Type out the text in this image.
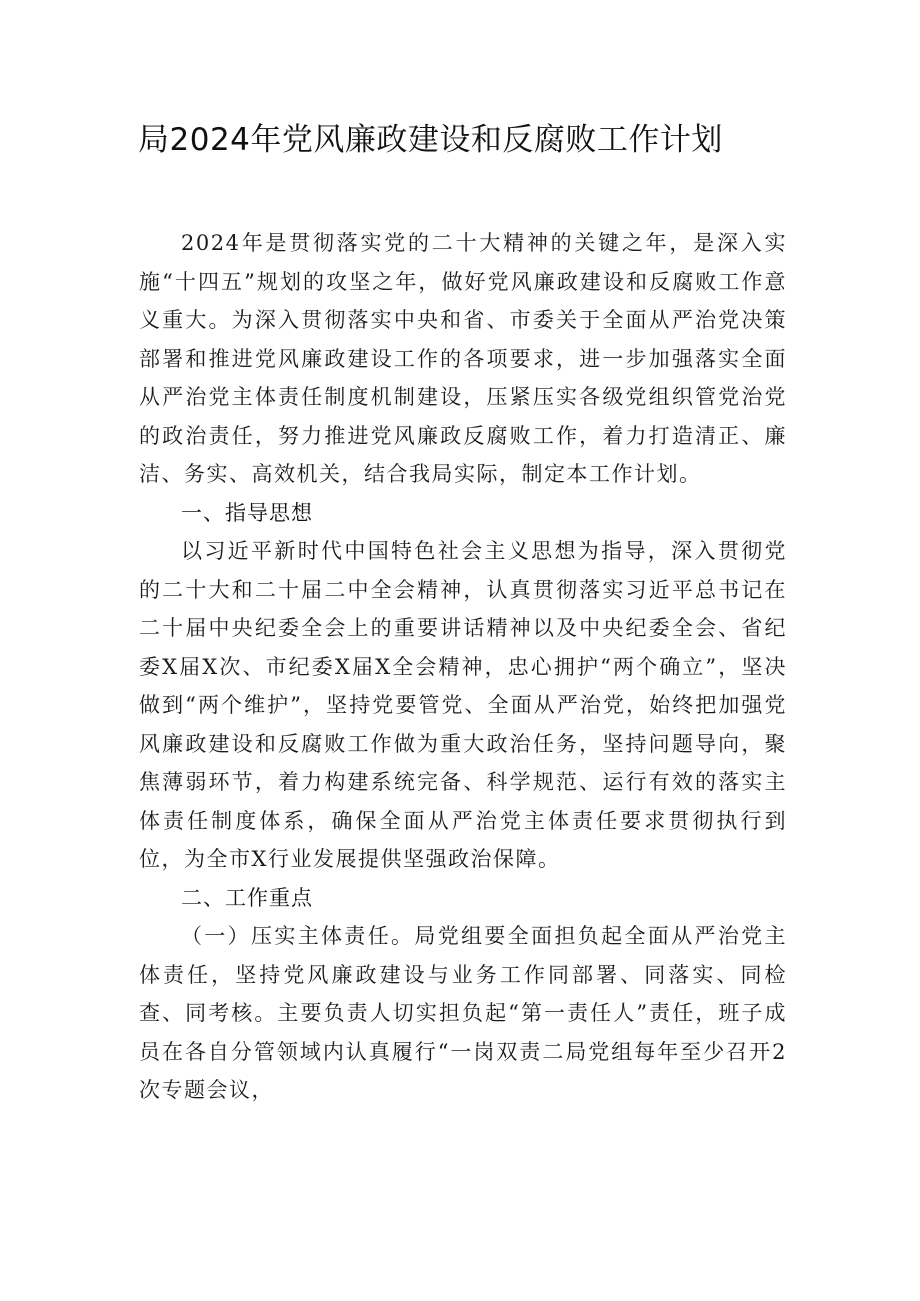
局2024年党风廉政建设和反腐败工作计划

2024年是贯彻落实党的二十大精神的关键之年，是深入实施“十四五”规划的攻坚之年，做好党风廉政建设和反腐败工作意义重大。为深入贯彻落实中央和省、市委关于全面从严治党决策部署和推进党风廉政建设工作的各项要求，进一步加强落实全面从严治党主体责任制度机制建设，压紧压实各级党组织管党治党的政治责任，努力推进党风廉政反腐败工作，着力打造清正、廉洁、务实、高效机关，结合我局实际，制定本工作计划。

一、指导思想

以习近平新时代中国特色社会主义思想为指导，深入贯彻党的二十大和二十届二中全会精神，认真贯彻落实习近平总书记在二十届中央纪委全会上的重要讲话精神以及中央纪委全会、省纪委X届X次、市纪委X届X全会精神，忠心拥护“两个确立”，坚决做到“两个维护”，坚持党要管党、全面从严治党，始终把加强党风廉政建设和反腐败工作做为重大政治任务，坚持问题导向，聚焦薄弱环节，着力构建系统完备、科学规范、运行有效的落实主体责任制度体系，确保全面从严治党主体责任要求贯彻执行到位，为全市X行业发展提供坚强政治保障。

二、工作重点

（一）压实主体责任。局党组要全面担负起全面从严治党主体责任，坚持党风廉政建设与业务工作同部署、同落实、同检查、同考核。主要负责人切实担负起“第一责任人”责任，班子成员在各自分管领域内认真履行“一岗双责二局党组每年至少召开2次专题会议，
